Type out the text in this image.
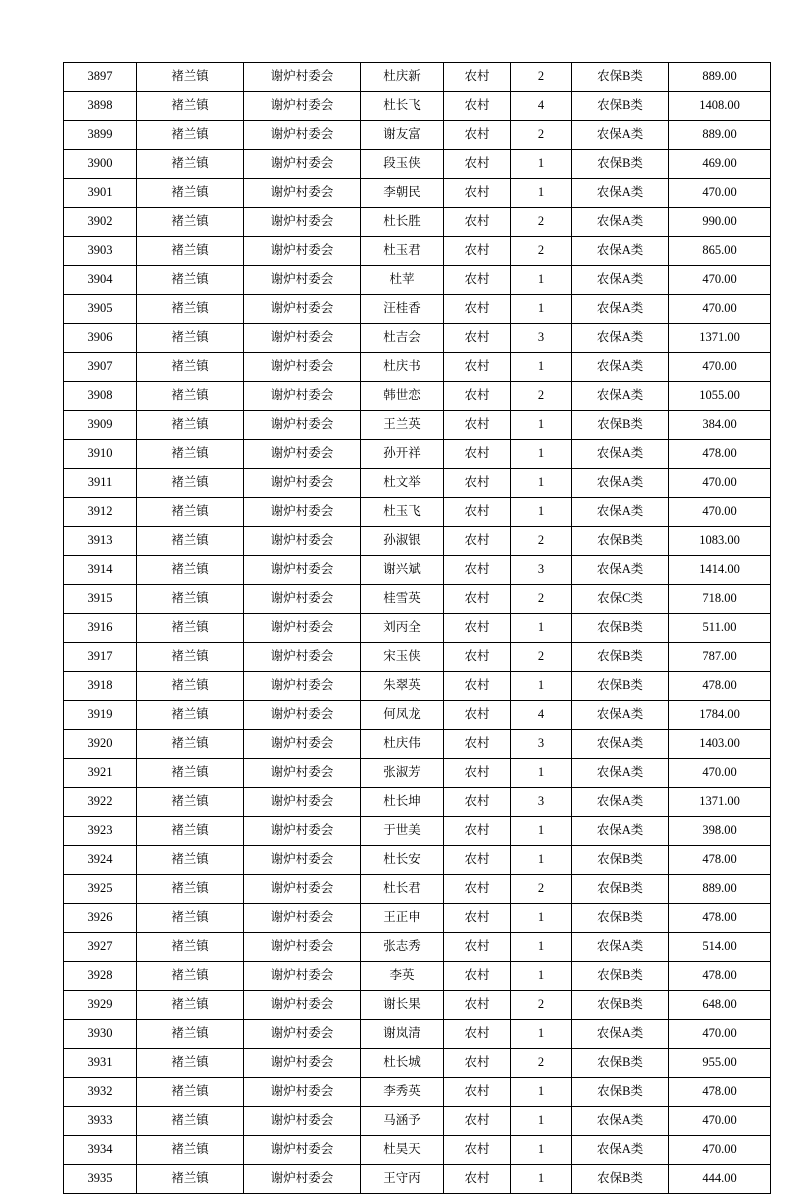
3897	褚兰镇	谢炉村委会	杜庆新	农村	2	农保B类	889.00
3898	褚兰镇	谢炉村委会	杜长飞	农村	4	农保B类	1408.00
3899	褚兰镇	谢炉村委会	谢友富	农村	2	农保A类	889.00
3900	褚兰镇	谢炉村委会	段玉侠	农村	1	农保B类	469.00
3901	褚兰镇	谢炉村委会	李朝民	农村	1	农保A类	470.00
3902	褚兰镇	谢炉村委会	杜长胜	农村	2	农保A类	990.00
3903	褚兰镇	谢炉村委会	杜玉君	农村	2	农保A类	865.00
3904	褚兰镇	谢炉村委会	杜苹	农村	1	农保A类	470.00
3905	褚兰镇	谢炉村委会	汪桂香	农村	1	农保A类	470.00
3906	褚兰镇	谢炉村委会	杜吉会	农村	3	农保A类	1371.00
3907	褚兰镇	谢炉村委会	杜庆书	农村	1	农保A类	470.00
3908	褚兰镇	谢炉村委会	韩世恋	农村	2	农保A类	1055.00
3909	褚兰镇	谢炉村委会	王兰英	农村	1	农保B类	384.00
3910	褚兰镇	谢炉村委会	孙开祥	农村	1	农保A类	478.00
3911	褚兰镇	谢炉村委会	杜文举	农村	1	农保A类	470.00
3912	褚兰镇	谢炉村委会	杜玉飞	农村	1	农保A类	470.00
3913	褚兰镇	谢炉村委会	孙淑银	农村	2	农保B类	1083.00
3914	褚兰镇	谢炉村委会	谢兴斌	农村	3	农保A类	1414.00
3915	褚兰镇	谢炉村委会	桂雪英	农村	2	农保C类	718.00
3916	褚兰镇	谢炉村委会	刘丙全	农村	1	农保B类	511.00
3917	褚兰镇	谢炉村委会	宋玉侠	农村	2	农保B类	787.00
3918	褚兰镇	谢炉村委会	朱翠英	农村	1	农保B类	478.00
3919	褚兰镇	谢炉村委会	何凤龙	农村	4	农保A类	1784.00
3920	褚兰镇	谢炉村委会	杜庆伟	农村	3	农保A类	1403.00
3921	褚兰镇	谢炉村委会	张淑芳	农村	1	农保A类	470.00
3922	褚兰镇	谢炉村委会	杜长坤	农村	3	农保A类	1371.00
3923	褚兰镇	谢炉村委会	于世美	农村	1	农保A类	398.00
3924	褚兰镇	谢炉村委会	杜长安	农村	1	农保B类	478.00
3925	褚兰镇	谢炉村委会	杜长君	农村	2	农保B类	889.00
3926	褚兰镇	谢炉村委会	王正申	农村	1	农保B类	478.00
3927	褚兰镇	谢炉村委会	张志秀	农村	1	农保A类	514.00
3928	褚兰镇	谢炉村委会	李英	农村	1	农保B类	478.00
3929	褚兰镇	谢炉村委会	谢长果	农村	2	农保B类	648.00
3930	褚兰镇	谢炉村委会	谢岚清	农村	1	农保A类	470.00
3931	褚兰镇	谢炉村委会	杜长城	农村	2	农保B类	955.00
3932	褚兰镇	谢炉村委会	李秀英	农村	1	农保B类	478.00
3933	褚兰镇	谢炉村委会	马涵予	农村	1	农保A类	470.00
3934	褚兰镇	谢炉村委会	杜昊天	农村	1	农保A类	470.00
3935	褚兰镇	谢炉村委会	王守丙	农村	1	农保B类	444.00
